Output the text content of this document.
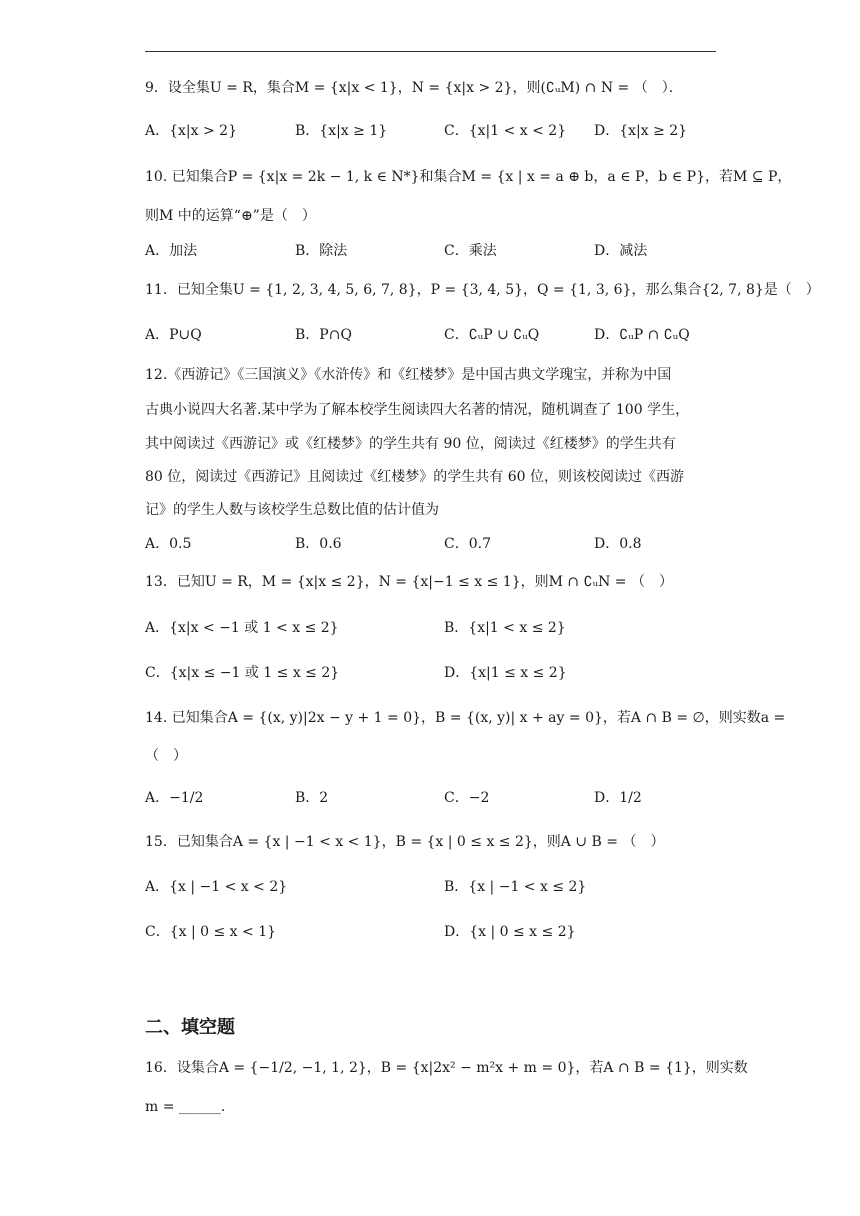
9．设全集U = R，集合M = {x|x < 1}，N = {x|x > 2}，则(∁ᵤM) ∩ N = （　）．
A．{x|x > 2}	B．{x|x ≥ 1}	C．{x|1 < x < 2} D．{x|x ≥ 2}
10. 已知集合P = {x|x = 2k − 1, k ∈ N*}和集合M = {x | x = a ⊕ b，a ∈ P，b ∈ P}，若M ⊆ P，
则M 中的运算“⊕”是（　）
A．加法	B．除法	C．乘法	D．减法
11．已知全集U = {1, 2, 3, 4, 5, 6, 7, 8}，P = {3, 4, 5}，Q = {1, 3, 6}，那么集合{2, 7, 8}是（　）
A．P∪Q	B．P∩Q	C．∁ᵤP ∪ ∁ᵤQ	D．∁ᵤP ∩ ∁ᵤQ
12.《西游记》《三国演义》《水浒传》和《红楼梦》是中国古典文学瑰宝，并称为中国
古典小说四大名著.某中学为了解本校学生阅读四大名著的情况，随机调查了 100 学生，
其中阅读过《西游记》或《红楼梦》的学生共有 90 位，阅读过《红楼梦》的学生共有
80 位，阅读过《西游记》且阅读过《红楼梦》的学生共有 60 位，则该校阅读过《西游
记》的学生人数与该校学生总数比值的估计值为
A．0.5	B．0.6	C．0.7	D．0.8
13．已知U = R，M = {x|x ≤ 2}，N = {x|−1 ≤ x ≤ 1}，则M ∩ ∁ᵤN = （　）
A．{x|x < −1 或 1 < x ≤ 2}	B．{x|1 < x ≤ 2}
C．{x|x ≤ −1 或 1 ≤ x ≤ 2}	D．{x|1 ≤ x ≤ 2}
14. 已知集合A = {(x, y)|2x − y + 1 = 0}，B = {(x, y)| x + ay = 0}，若A ∩ B = ∅，则实数a =
（　）
A．−1/2	B．2	C．−2	D．1/2
15．已知集合A = {x | −1 < x < 1}，B = {x | 0 ≤ x ≤ 2}，则A ∪ B = （　）
A．{x | −1 < x < 2}	B．{x | −1 < x ≤ 2}
C．{x | 0 ≤ x < 1}	D．{x | 0 ≤ x ≤ 2}
二、填空题
16．设集合A = {−1/2, −1, 1, 2}，B = {x|2x² − m²x + m = 0}，若A ∩ B = {1}，则实数
m = ______.
